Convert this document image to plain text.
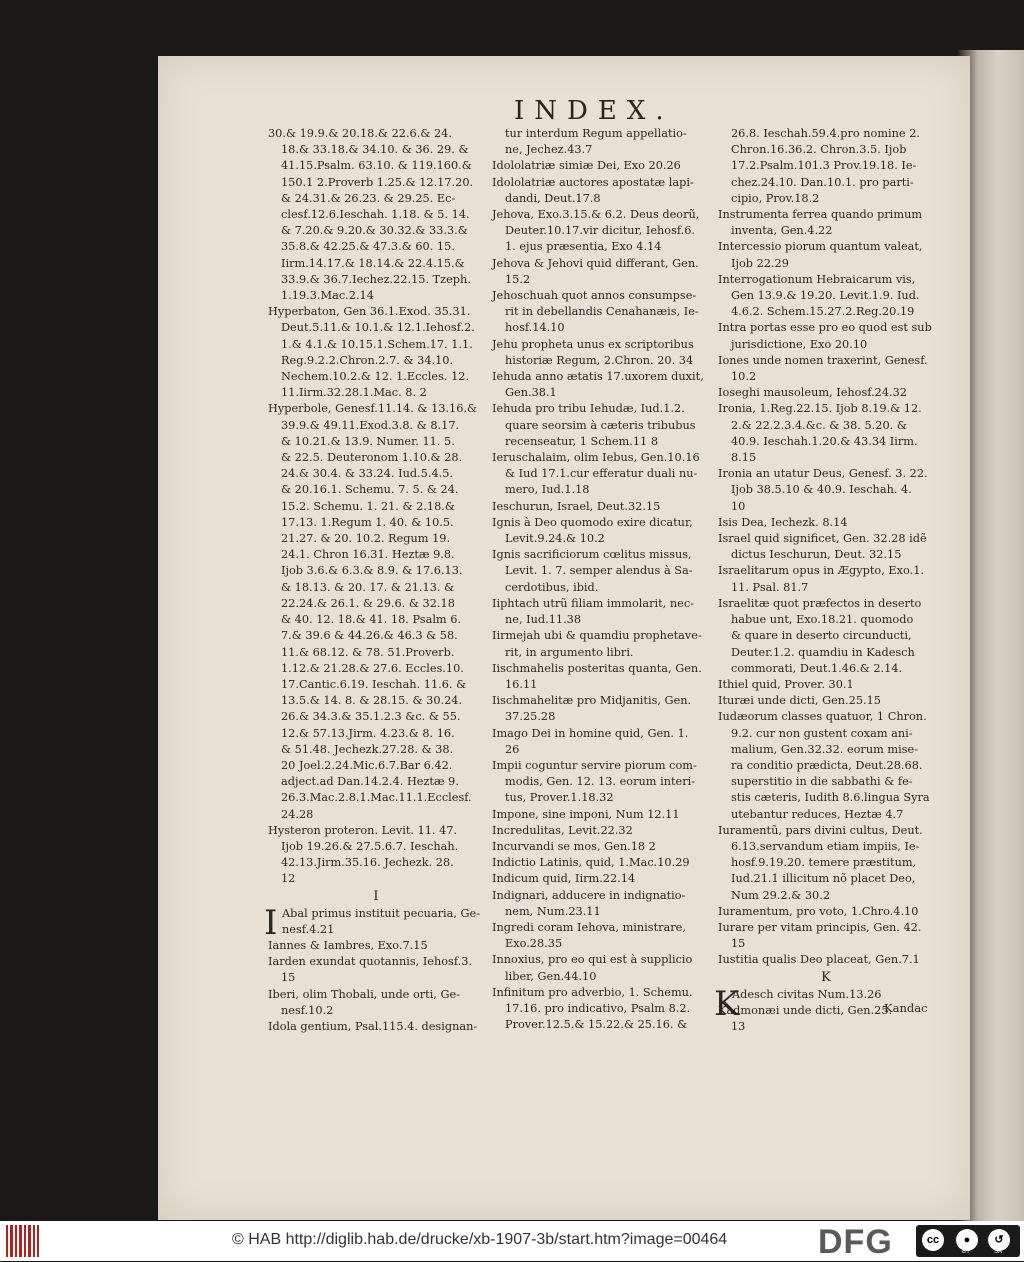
INDEX.
30.& 19.9.& 20.18.& 22.6.& 24.
18.& 33.18.& 34.10. & 36. 29. &
41.15.Psalm. 63.10. & 119.160.&
150.1 2.Proverb 1.25.& 12.17.20.
& 24.31.& 26.23. & 29.25. Ec-
clesf.12.6.Ieschah. 1.18. & 5. 14.
& 7.20.& 9.20.& 30.32.& 33.3.&
35.8.& 42.25.& 47.3.& 60. 15.
Iirm.14.17.& 18.14.& 22.4.15.&
33.9.& 36.7.Iechez.22.15. Tzeph.
1.19.3.Mac.2.14
Hyperbaton, Gen 36.1.Exod. 35.31.
Deut.5.11.& 10.1.& 12.1.Iehosf.2.
1.& 4.1.& 10.15.1.Schem.17. 1.1.
Reg.9.2.2.Chron.2.7. & 34.10.
Nechem.10.2.& 12. 1.Eccles. 12.
11.Iirm.32.28.1.Mac. 8. 2
Hyperbole, Genesf.11.14. & 13.16.&
39.9.& 49.11.Exod.3.8. & 8.17.
& 10.21.& 13.9. Numer. 11. 5.
& 22.5. Deuteronom 1.10.& 28.
24.& 30.4. & 33.24. Iud.5.4.5.
& 20.16.1. Schemu. 7. 5. & 24.
15.2. Schemu. 1. 21. & 2.18.&
17.13. 1.Regum 1. 40. & 10.5.
21.27. & 20. 10.2. Regum 19.
24.1. Chron 16.31. Heztæ 9.8.
Ijob 3.6.& 6.3.& 8.9. & 17.6.13.
& 18.13. & 20. 17. & 21.13. &
22.24.& 26.1. & 29.6. & 32.18
& 40. 12. 18.& 41. 18. Psalm 6.
7.& 39.6 & 44.26.& 46.3 & 58.
11.& 68.12. & 78. 51.Proverb.
1.12.& 21.28.& 27.6. Eccles.10.
17.Cantic.6.19. Ieschah. 11.6. &
13.5.& 14. 8. & 28.15. & 30.24.
26.& 34.3.& 35.1.2.3 &c. & 55.
12.& 57.13.Jirm. 4.23.& 8. 16.
& 51.48. Jechezk.27.28. & 38.
20 Joel.2.24.Mic.6.7.Bar 6.42.
adject.ad Dan.14.2.4. Heztæ 9.
26.3.Mac.2.8.1.Mac.11.1.Ecclesf.
24.28
Hysteron proteron. Levit. 11. 47.
Ijob 19.26.& 27.5.6.7. Ieschah.
42.13.Jirm.35.16. Jechezk. 28.
12
I
I Abal primus instituit pecuaria, Ge-
nesf.4.21
Iannes & Iambres, Exo.7.15
Iarden exundat quotannis, Iehosf.3.
15
Iberi, olim Thobali, unde orti, Ge-
nesf.10.2
Idola gentium, Psal.115.4. designan-
tur interdum Regum appellatio-
ne, Jechez.43.7
Idololatriæ simiæ Dei, Exo 20.26
Idololatriæ auctores apostatæ lapi-
dandi, Deut.17.8
Jehova, Exo.3.15.& 6.2. Deus deorũ,
Deuter.10.17.vir dicitur, Iehosf.6.
1. ejus præsentia, Exo 4.14
Jehova & Jehovi quid differant, Gen.
15.2
Jehoschuah quot annos consumpse-
rit in debellandis Cenahanæis, Ie-
hosf.14.10
Jehu propheta unus ex scriptoribus
historiæ Regum, 2.Chron. 20. 34
Iehuda anno ætatis 17.uxorem duxit,
Gen.38.1
Iehuda pro tribu Iehudæ, Iud.1.2.
quare seorsim à cæteris tribubus
recenseatur, 1 Schem.11 8
Ieruschalaim, olim Iebus, Gen.10.16
& Iud 17.1.cur efferatur duali nu-
mero, Iud.1.18
Ieschurun, Israel, Deut.32.15
Ignis à Deo quomodo exire dicatur,
Levit.9.24.& 10.2
Ignis sacrificiorum cœlitus missus,
Levit. 1. 7. semper alendus à Sa-
cerdotibus, ibid.
Iiphtach utrũ filiam immolarit, nec-
ne, Iud.11.38
Iirmejah ubi & quamdiu prophetave-
rit, in argumento libri.
Iischmahelis posteritas quanta, Gen.
16.11
Iischmahelitæ pro Midjanitis, Gen.
37.25.28
Imago Dei in homine quid, Gen. 1.
26
Impii coguntur servire piorum com-
modis, Gen. 12. 13. eorum interi-
tus, Prover.1.18.32
Impone, sine imponi, Num 12.11
Incredulitas, Levit.22.32
Incurvandi se mos, Gen.18 2
Indictio Latinis, quid, 1.Mac.10.29
Indicum quid, Iirm.22.14
Indignari, adducere in indignatio-
nem, Num.23.11
Ingredi coram Iehova, ministrare,
Exo.28.35
Innoxius, pro eo qui est à supplicio
liber, Gen.44.10
Infinitum pro adverbio, 1. Schemu.
17.16. pro indicativo, Psalm 8.2.
Prover.12.5.& 15.22.& 25.16. &
26.8. Ieschah.59.4.pro nomine 2.
Chron.16.36.2. Chron.3.5. Ijob
17.2.Psalm.101.3 Prov.19.18. Ie-
chez.24.10. Dan.10.1. pro parti-
cipio, Prov.18.2
Instrumenta ferrea quando primum
inventa, Gen.4.22
Intercessio piorum quantum valeat,
Ijob 22.29
Interrogationum Hebraicarum vis,
Gen 13.9.& 19.20. Levit.1.9. Iud.
4.6.2. Schem.15.27.2.Reg.20.19
Intra portas esse pro eo quod est sub
jurisdictione, Exo 20.10
Iones unde nomen traxerint, Genesf.
10.2
Ioseghi mausoleum, Iehosf.24.32
Ironia, 1.Reg.22.15. Ijob 8.19.& 12.
2.& 22.2.3.4.&c. & 38. 5.20. &
40.9. Ieschah.1.20.& 43.34 Iirm.
8.15
Ironia an utatur Deus, Genesf. 3. 22.
Ijob 38.5.10 & 40.9. Ieschah. 4.
10
Isis Dea, Iechezk. 8.14
Israel quid significet, Gen. 32.28 idẽ
dictus Ieschurun, Deut. 32.15
Israelitarum opus in Ægypto, Exo.1.
11. Psal. 81.7
Israelitæ quot præfectos in deserto
habue unt, Exo.18.21. quomodo
& quare in deserto circunducti,
Deuter.1.2. quamdiu in Kadesch
commorati, Deut.1.46.& 2.14.
Ithiel quid, Prover. 30.1
Ituræi unde dicti, Gen.25.15
Iudæorum classes quatuor, 1 Chron.
9.2. cur non gustent coxam ani-
malium, Gen.32.32. eorum mise-
ra conditio prædicta, Deut.28.68.
superstitio in die sabbathi & fe-
stis cæteris, Iudith 8.6.lingua Syra
utebantur reduces, Heztæ 4.7
Iuramentũ, pars divini cultus, Deut.
6.13.servandum etiam impiis, Ie-
hosf.9.19.20. temere præstitum,
Iud.21.1 illicitum nõ placet Deo,
Num 29.2.& 30.2
Iuramentum, pro voto, 1.Chro.4.10
Iurare per vitam principis, Gen. 42.
15
Iustitia qualis Deo placeat, Gen.7.1
K
K
Adesch civitas Num.13.26
Kadmonæi unde dicti, Gen.25.
13
Kandac
© HAB http://diglib.hab.de/drucke/xb-1907-3b/start.htm?image=00464	DFG	cc	●	↺
BY	SA
